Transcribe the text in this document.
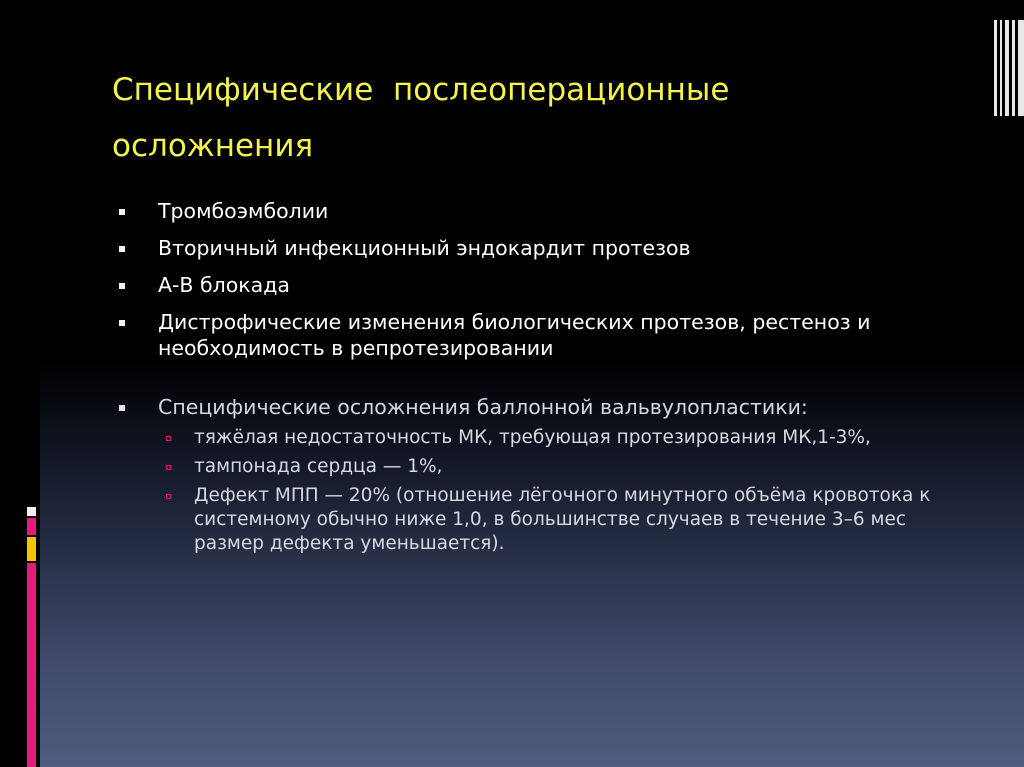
Специфические  послеоперационные
осложнения
Тромбоэмболии
Вторичный инфекционный эндокардит протезов
А-В блокада
Дистрофические изменения биологических протезов, рестеноз и необходимость в репротезировании
Специфические осложнения баллонной вальвулопластики:
тяжёлая недостаточность МК, требующая протезирования МК,1-3%,
тампонада сердца — 1%,
Дефект МПП — 20% (отношение лёгочного минутного объёма кровотока к системному обычно ниже 1,0, в большинстве случаев в течение 3–6 мес размер дефекта уменьшается).
